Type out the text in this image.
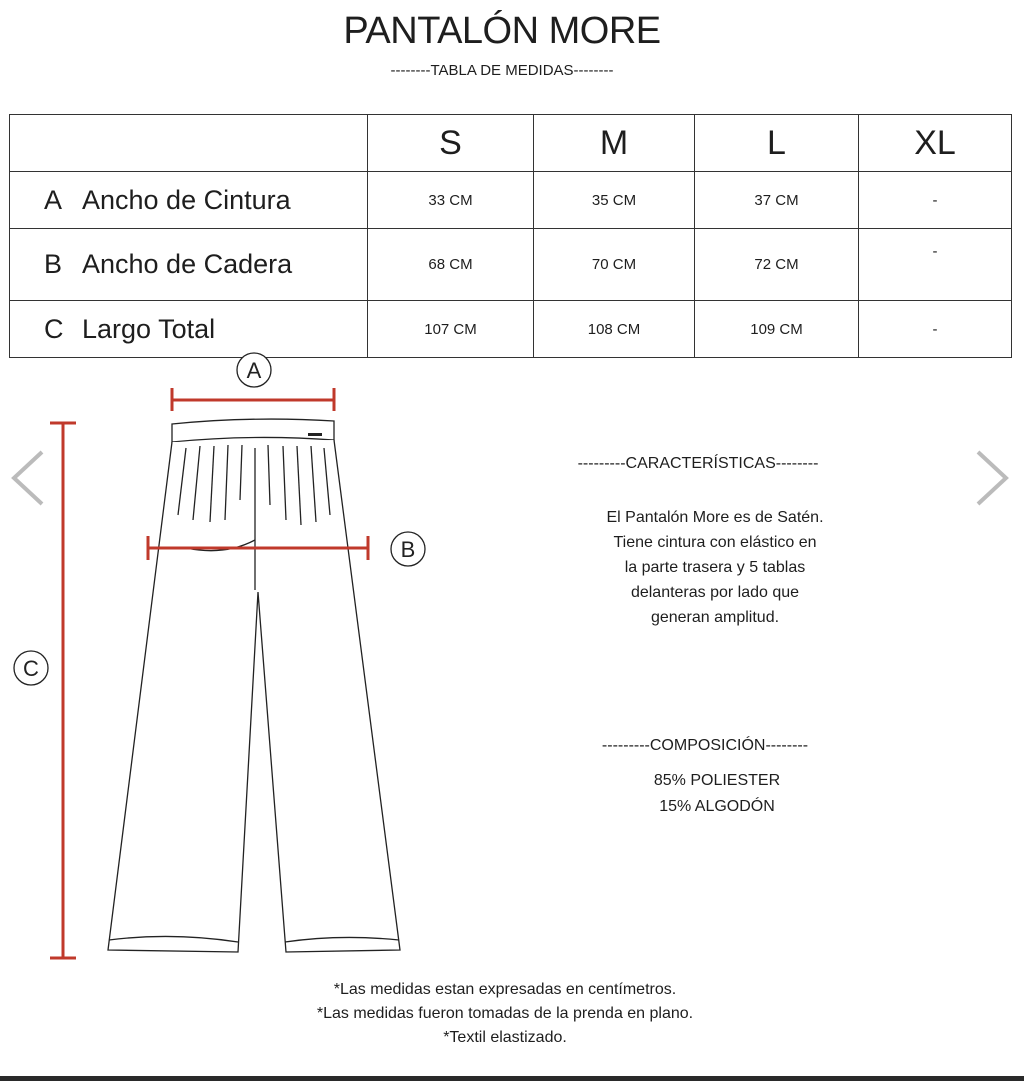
PANTALÓN MORE
--------TABLA DE MEDIDAS--------
	S	M	L	XL
A Ancho de Cintura	33 CM	35 CM	37 CM	-
B Ancho de Cadera	68 CM	70 CM	72 CM	-
C Largo Total	107 CM	108 CM	109 CM	-
A
B
C
---------CARACTERÍSTICAS--------
El Pantalón More es de Satén.
Tiene cintura con elástico en
la parte trasera y 5 tablas
delanteras por lado que
generan amplitud.
---------COMPOSICIÓN--------
85% POLIESTER
15% ALGODÓN
*Las medidas estan expresadas en centímetros.
*Las medidas fueron tomadas de la prenda en plano.
*Textil elastizado.
